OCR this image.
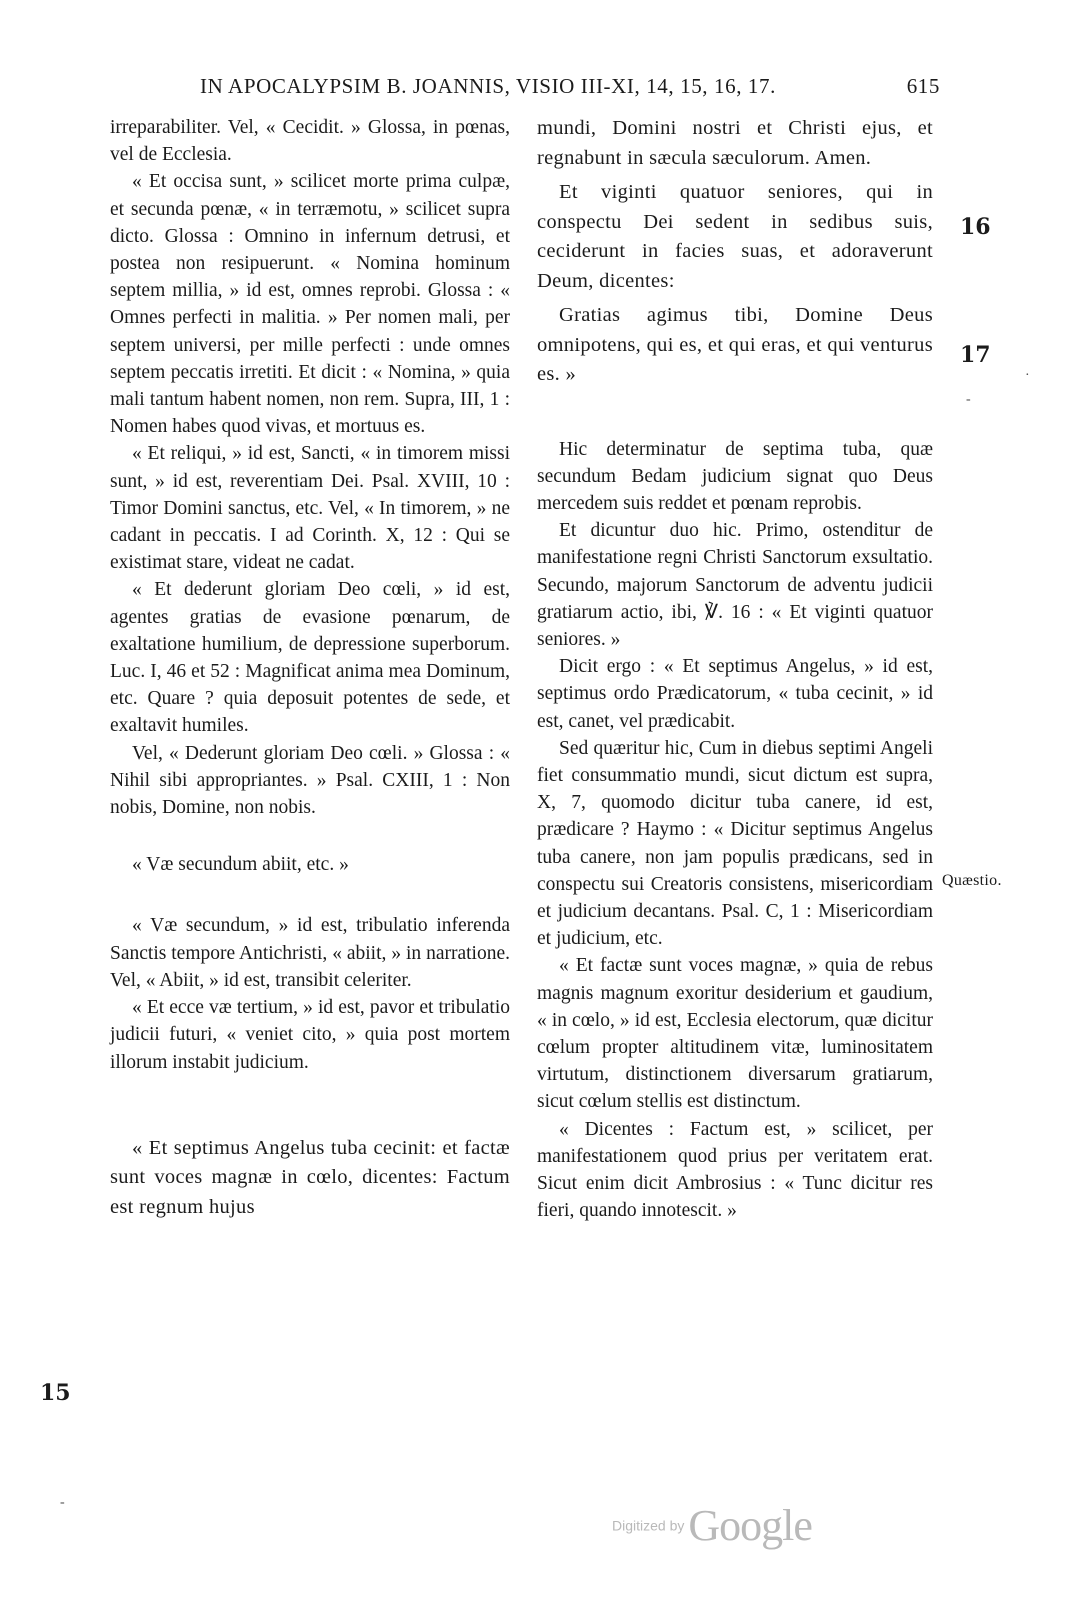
IN APOCALYPSIM B. JOANNIS, VISIO III-XI, 14, 15, 16, 17.	615

irreparabiliter. Vel, « Cecidit. » Glossa, in pœnas, vel de Ecclesia.

« Et occisa sunt, » scilicet morte prima culpæ, et secunda pœnæ, « in terræmotu, » scilicet supra dicto. Glossa : Omnino in infernum detrusi, et postea non resipuerunt. « Nomina hominum septem millia, » id est, omnes reprobi. Glossa : « Omnes perfecti in malitia. » Per nomen mali, per septem universi, per mille perfecti : unde omnes septem peccatis irretiti. Et dicit : « Nomina, » quia mali tantum habent nomen, non rem. Supra, III, 1 : Nomen habes quod vivas, et mortuus es.

« Et reliqui, » id est, Sancti, « in timorem missi sunt, » id est, reverentiam Dei. Psal. XVIII, 10 : Timor Domini sanctus, etc. Vel, « In timorem, » ne cadant in peccatis. I ad Corinth. X, 12 : Qui se existimat stare, videat ne cadat.

« Et dederunt gloriam Deo cœli, » id est, agentes gratias de evasione pœnarum, de exaltatione humilium, de depressione superborum. Luc. I, 46 et 52 : Magnificat anima mea Dominum, etc. Quare ? quia deposuit potentes de sede, et exaltavit humiles.

Vel, « Dederunt gloriam Deo cœli. » Glossa : « Nihil sibi appropriantes. » Psal. CXIII, 1 : Non nobis, Domine, non nobis.

« Væ secundum abiit, etc. »

« Væ secundum, » id est, tribulatio inferenda Sanctis tempore Antichristi, « abiit, » in narratione. Vel, « Abiit, » id est, transibit celeriter.

« Et ecce væ tertium, » id est, pavor et tribulatio judicii futuri, « veniet cito, » quia post mortem illorum instabit judicium.

« Et septimus Angelus tuba cecinit: et factæ sunt voces magnæ in cœlo, dicentes: Factum est regnum hujus

mundi, Domini nostri et Christi ejus, et regnabunt in sæcula sæculorum. Amen.

Et viginti quatuor seniores, qui in conspectu Dei sedent in sedibus suis, ceciderunt in facies suas, et adoraverunt Deum, dicentes:

Gratias agimus tibi, Domine Deus omnipotens, qui es, et qui eras, et qui venturus es. »

Hic determinatur de septima tuba, quæ secundum Bedam judicium signat quo Deus mercedem suis reddet et pœnam reprobis.

Et dicuntur duo hic. Primo, ostenditur de manifestatione regni Christi Sanctorum exsultatio. Secundo, majorum Sanctorum de adventu judicii gratiarum actio, ibi, ℣. 16 : « Et viginti quatuor seniores. »

Dicit ergo : « Et septimus Angelus, » id est, septimus ordo Prædicatorum, « tuba cecinit, » id est, canet, vel prædicabit.

Sed quæritur hic, Cum in diebus septimi Angeli fiet consummatio mundi, sicut dictum est supra, X, 7, quomodo dicitur tuba canere, id est, prædicare ? Haymo : « Dicitur septimus Angelus tuba canere, non jam populis prædicans, sed in conspectu sui Creatoris consistens, misericordiam et judicium decantans. Psal. C, 1 : Misericordiam et judicium, etc.

« Et factæ sunt voces magnæ, » quia de rebus magnis magnum exoritur desiderium et gaudium, « in cœlo, » id est, Ecclesia electorum, quæ dicitur cœlum propter altitudinem vitæ, luminositatem virtutum, distinctionem diversarum gratiarum, sicut cœlum stellis est distinctum.

« Dicentes : Factum est, » scilicet, per manifestationem quod prius per veritatem erat. Sicut enim dicit Ambrosius : « Tunc dicitur res fieri, quando innotescit. »

15
16
17
Quæstio.
·
-
-
Digitized by Google
